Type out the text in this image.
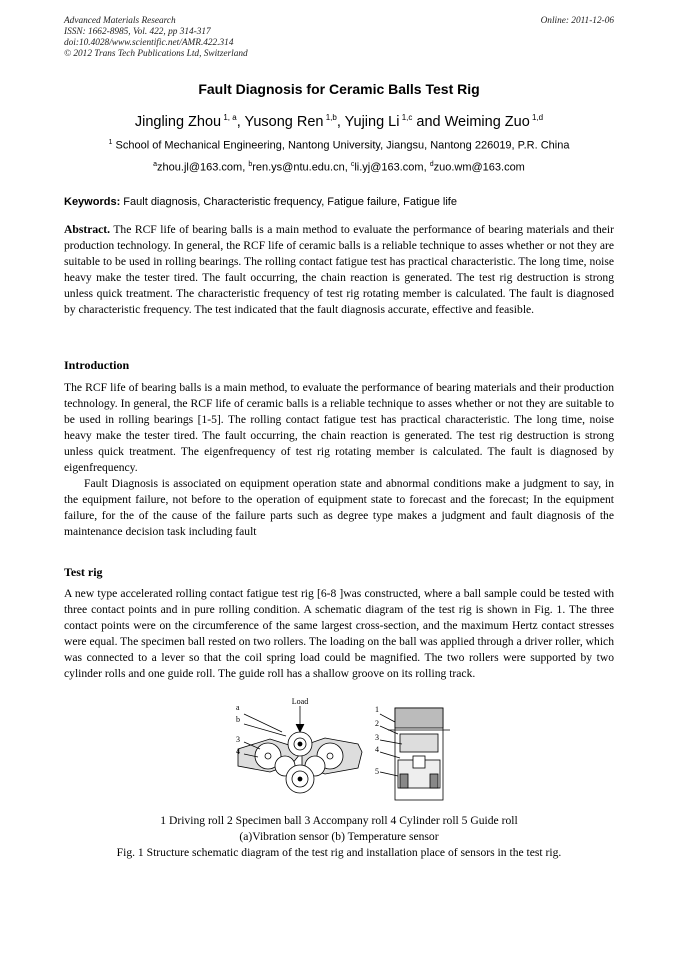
Advanced Materials Research
ISSN: 1662-8985, Vol. 422, pp 314-317
doi:10.4028/www.scientific.net/AMR.422.314
© 2012 Trans Tech Publications Ltd, Switzerland
Online: 2011-12-06
Fault Diagnosis for Ceramic Balls Test Rig
Jingling Zhou $^{1, a}$, Yusong Ren $^{1,b}$, Yujing Li $^{1,c}$ and Weiming Zuo $^{1,d}$
$^1$ School of Mechanical Engineering, Nantong University, Jiangsu, Nantong 226019, P.R. China
$^a$zhou.jl@163.com, $^b$ren.ys@ntu.edu.cn, $^c$li.yj@163.com, $^d$zuo.wm@163.com
Keywords: Fault diagnosis, Characteristic frequency, Fatigue failure, Fatigue life
Abstract. The RCF life of bearing balls is a main method to evaluate the performance of bearing materials and their production technology. In general, the RCF life of ceramic balls is a reliable technique to asses whether or not they are suitable to be used in rolling bearings. The rolling contact fatigue test has practical characteristic. The long time, noise heavy make the tester tired. The fault occurring, the chain reaction is generated. The test rig destruction is strong unless quick treatment. The characteristic frequency of test rig rotating member is calculated. The fault is diagnosed by characteristic frequency. The test indicated that the fault diagnosis accurate, effective and feasible.
Introduction
The RCF life of bearing balls is a main method, to evaluate the performance of bearing materials and their production technology. In general, the RCF life of ceramic balls is a reliable technique to asses whether or not they are suitable to be used in rolling bearings [1-5]. The rolling contact fatigue test has practical characteristic. The long time, noise heavy make the tester tired. The fault occurring, the chain reaction is generated. The test rig destruction is strong unless quick treatment. The eigenfrequency of test rig rotating member is calculated. The fault is diagnosed by eigenfrequency.
Fault Diagnosis is associated on equipment operation state and abnormal conditions make a judgment to say, in the equipment failure, not before to the operation of equipment state to forecast and the forecast; In the equipment failure, for the of the cause of the failure parts such as degree type makes a judgment and fault diagnosis of the maintenance decision task including fault
Test rig
A new type accelerated rolling contact fatigue test rig [6-8 ]was constructed, where a ball sample could be tested with three contact points and in pure rolling condition. A schematic diagram of the test rig is shown in Fig. 1. The three contact points were on the circumference of the same largest cross-section, and the maximum Hertz contact stresses were equal. The specimen ball rested on two rollers. The loading on the ball was applied through a driver roller, which was connected to a lever so that the coil spring load could be magnified. The two rollers were supported by two cylinder rolls and one guide roll. The guide roll has a shallow groove on its rolling track.
Load
a
b
3
4
1
2
3
4
5
1 Driving roll 2 Specimen ball 3 Accompany roll 4 Cylinder roll 5 Guide roll
(a)Vibration sensor (b) Temperature sensor
Fig. 1 Structure schematic diagram of the test rig and installation place of sensors in the test rig.
